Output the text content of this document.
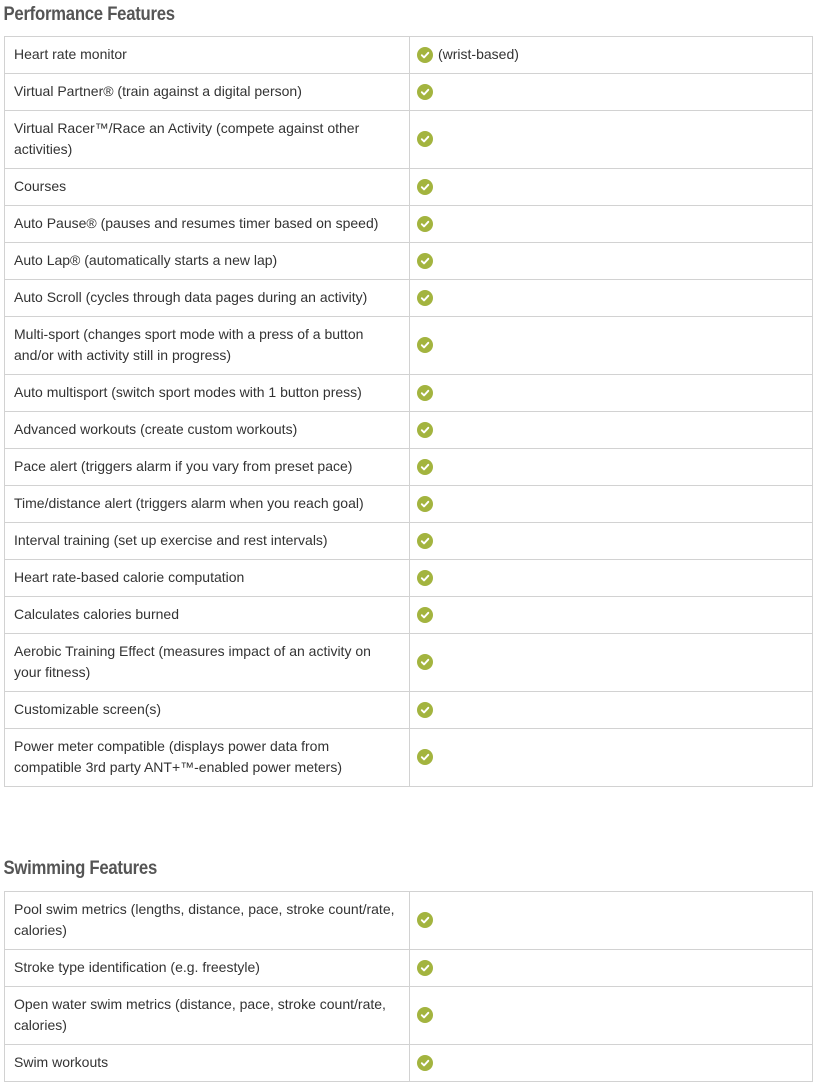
Performance Features
Heart rate monitor	(wrist-based)

Virtual Partner® (train against a digital person)	

Virtual Racer™/Race an Activity (compete against other activities)	

Courses	

Auto Pause® (pauses and resumes timer based on speed)	

Auto Lap® (automatically starts a new lap)	

Auto Scroll (cycles through data pages during an activity)	

Multi-sport (changes sport mode with a press of a button and/or with activity still in progress)	

Auto multisport (switch sport modes with 1 button press)	

Advanced workouts (create custom workouts)	

Pace alert (triggers alarm if you vary from preset pace)	

Time/distance alert (triggers alarm when you reach goal)	

Interval training (set up exercise and rest intervals)	

Heart rate-based calorie computation	

Calculates calories burned	

Aerobic Training Effect (measures impact of an activity on your fitness)	

Customizable screen(s)	

Power meter compatible (displays power data from compatible 3rd party ANT+™-enabled power meters)	
Swimming Features
Pool swim metrics (lengths, distance, pace, stroke count/rate, calories)	

Stroke type identification (e.g. freestyle)	

Open water swim metrics (distance, pace, stroke count/rate, calories)	

Swim workouts	
